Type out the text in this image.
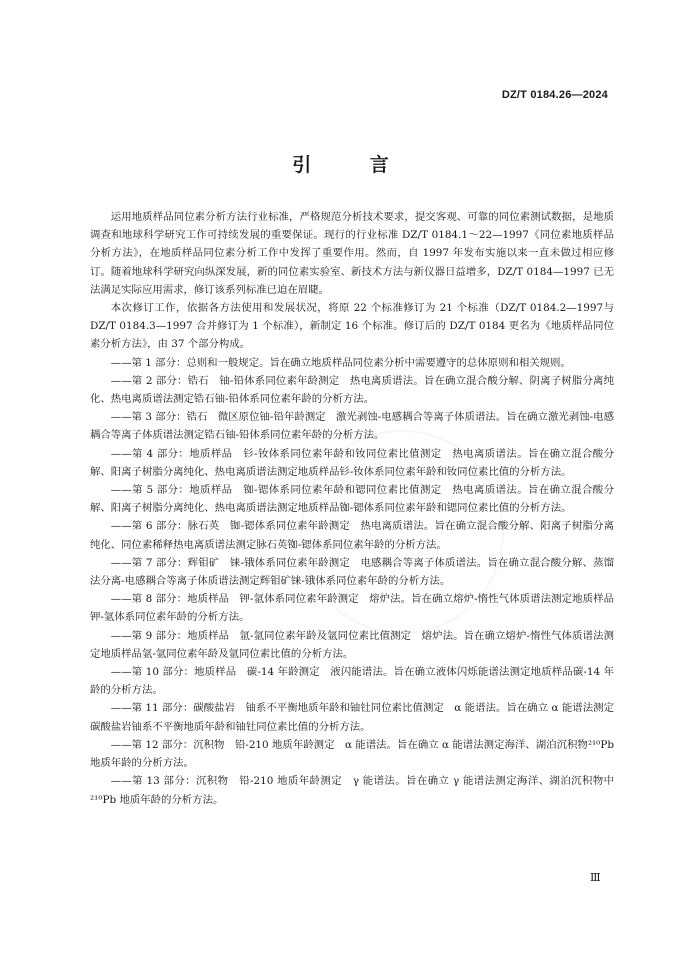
DZ/T 0184.26—2024
引 言

运用地质样品同位素分析方法行业标准，严格规范分析技术要求，提交客观、可靠的同位素测试数据，是地质调查和地球科学研究工作可持续发展的重要保证。现行的行业标准 DZ/T 0184.1～22—1997《同位素地质样品分析方法》，在地质样品同位素分析工作中发挥了重要作用。然而，自 1997 年发布实施以来一直未做过相应修订。随着地球科学研究向纵深发展，新的同位素实验室、新技术方法与新仪器日益增多，DZ/T 0184—1997 已无法满足实际应用需求，修订该系列标准已迫在眉睫。

本次修订工作，依据各方法使用和发展状况，将原 22 个标准修订为 21 个标准（DZ/T 0184.2—1997与 DZ/T 0184.3—1997 合并修订为 1 个标准），新制定 16 个标准。修订后的 DZ/T 0184 更名为《地质样品同位素分析方法》，由 37 个部分构成。

——第 1 部分：总则和一般规定。旨在确立地质样品同位素分析中需要遵守的总体原则和相关规则。
——第 2 部分：锆石　铀-铅体系同位素年龄测定　热电离质谱法。旨在确立混合酸分解、阴离子树脂分离纯化、热电离质谱法测定锆石铀-铅体系同位素年龄的分析方法。
——第 3 部分：锆石　微区原位铀-铅年龄测定　激光剥蚀-电感耦合等离子体质谱法。旨在确立激光剥蚀-电感耦合等离子体质谱法测定锆石铀-铅体系同位素年龄的分析方法。
——第 4 部分：地质样品　钐-钕体系同位素年龄和钕同位素比值测定　热电离质谱法。旨在确立混合酸分解、阳离子树脂分离纯化、热电离质谱法测定地质样品钐-钕体系同位素年龄和钕同位素比值的分析方法。
——第 5 部分：地质样品　铷-锶体系同位素年龄和锶同位素比值测定　热电离质谱法。旨在确立混合酸分解、阳离子树脂分离纯化、热电离质谱法测定地质样品铷-锶体系同位素年龄和锶同位素比值的分析方法。
——第 6 部分：脉石英　铷-锶体系同位素年龄测定　热电离质谱法。旨在确立混合酸分解、阳离子树脂分离纯化、同位素稀释热电离质谱法测定脉石英铷-锶体系同位素年龄的分析方法。
——第 7 部分：辉钼矿　铼-锇体系同位素年龄测定　电感耦合等离子体质谱法。旨在确立混合酸分解、蒸馏法分离-电感耦合等离子体质谱法测定辉钼矿铼-锇体系同位素年龄的分析方法。
——第 8 部分：地质样品　钾-氩体系同位素年龄测定　熔炉法。旨在确立熔炉-惰性气体质谱法测定地质样品钾-氩体系同位素年龄的分析方法。
——第 9 部分：地质样品　氩-氩同位素年龄及氩同位素比值测定　熔炉法。旨在确立熔炉-惰性气体质谱法测定地质样品氩-氩同位素年龄及氩同位素比值的分析方法。
——第 10 部分：地质样品　碳-14 年龄测定　液闪能谱法。旨在确立液体闪烁能谱法测定地质样品碳-14 年龄的分析方法。
——第 11 部分：碳酸盐岩　铀系不平衡地质年龄和铀钍同位素比值测定　α 能谱法。旨在确立 α 能谱法测定碳酸盐岩铀系不平衡地质年龄和铀钍同位素比值的分析方法。
——第 12 部分：沉积物　铅-210 地质年龄测定　α 能谱法。旨在确立 α 能谱法测定海洋、湖泊沉积物²¹⁰Pb 地质年龄的分析方法。
——第 13 部分：沉积物　铅-210 地质年龄测定　γ 能谱法。旨在确立 γ 能谱法测定海洋、湖泊沉积物中²¹⁰Pb 地质年龄的分析方法。
Ⅲ
